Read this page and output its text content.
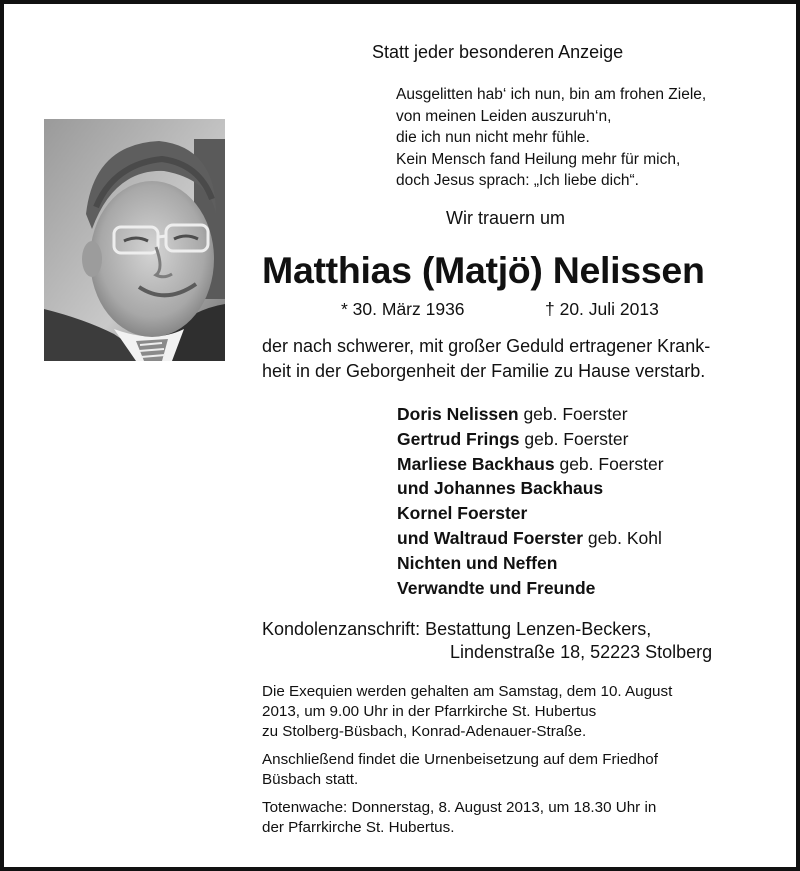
Statt jeder besonderen Anzeige
Ausgelitten hab‘ ich nun, bin am frohen Ziele,
von meinen Leiden auszuruh‘n,
die ich nun nicht mehr fühle.
Kein Mensch fand Heilung mehr für mich,
doch Jesus sprach: „Ich liebe dich“.
Wir trauern um
Matthias (Matjö) Nelissen
* 30. März 1936	† 20. Juli 2013
der nach schwerer, mit großer Geduld ertragener Krank-
heit in der Geborgenheit der Familie zu Hause verstarb.
Doris Nelissen geb. Foerster
Gertrud Frings geb. Foerster
Marliese Backhaus geb. Foerster
und Johannes Backhaus
Kornel Foerster
und Waltraud Foerster geb. Kohl
Nichten und Neffen
Verwandte und Freunde
Kondolenzanschrift: Bestattung Lenzen-Beckers,
Lindenstraße 18, 52223 Stolberg
Die Exequien werden gehalten am Samstag, dem 10. August
2013, um 9.00 Uhr in der Pfarrkirche St. Hubertus
zu Stolberg-Büsbach, Konrad-Adenauer-Straße.
Anschließend findet die Urnenbeisetzung auf dem Friedhof
Büsbach statt.
Totenwache: Donnerstag, 8. August 2013, um 18.30 Uhr in
der Pfarrkirche St. Hubertus.
